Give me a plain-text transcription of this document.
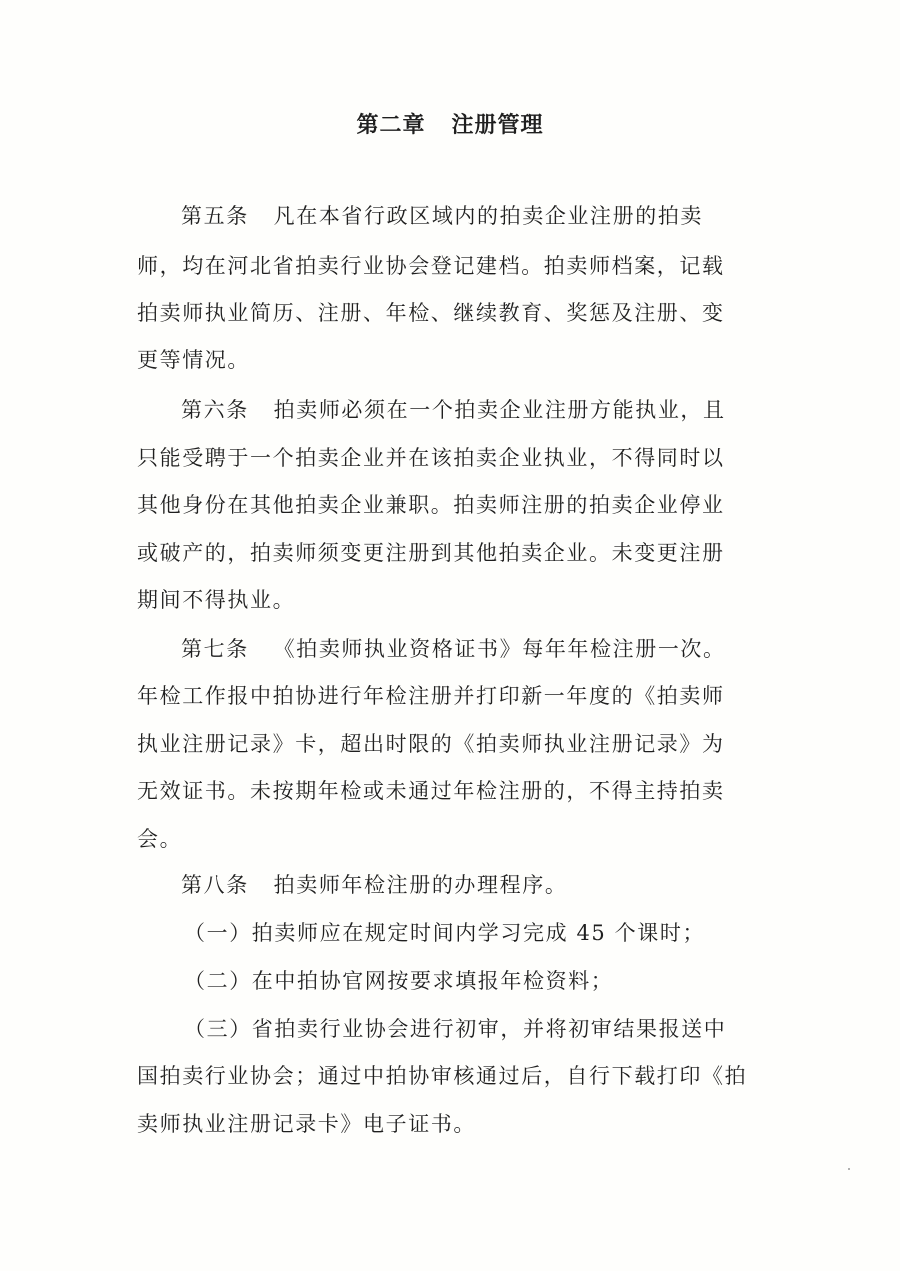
第二章   注册管理
第五条   凡在本省行政区域内的拍卖企业注册的拍卖
师，均在河北省拍卖行业协会登记建档。拍卖师档案，记载
拍卖师执业简历、注册、年检、继续教育、奖惩及注册、变
更等情况。
第六条   拍卖师必须在一个拍卖企业注册方能执业，且
只能受聘于一个拍卖企业并在该拍卖企业执业，不得同时以
其他身份在其他拍卖企业兼职。拍卖师注册的拍卖企业停业
或破产的，拍卖师须变更注册到其他拍卖企业。未变更注册
期间不得执业。
第七条   《拍卖师执业资格证书》每年年检注册一次。
年检工作报中拍协进行年检注册并打印新一年度的《拍卖师
执业注册记录》卡，超出时限的《拍卖师执业注册记录》为
无效证书。未按期年检或未通过年检注册的，不得主持拍卖
会。
第八条   拍卖师年检注册的办理程序。
（一）拍卖师应在规定时间内学习完成 45 个课时；
（二）在中拍协官网按要求填报年检资料；
（三）省拍卖行业协会进行初审，并将初审结果报送中
国拍卖行业协会；通过中拍协审核通过后，自行下载打印《拍
卖师执业注册记录卡》电子证书。
